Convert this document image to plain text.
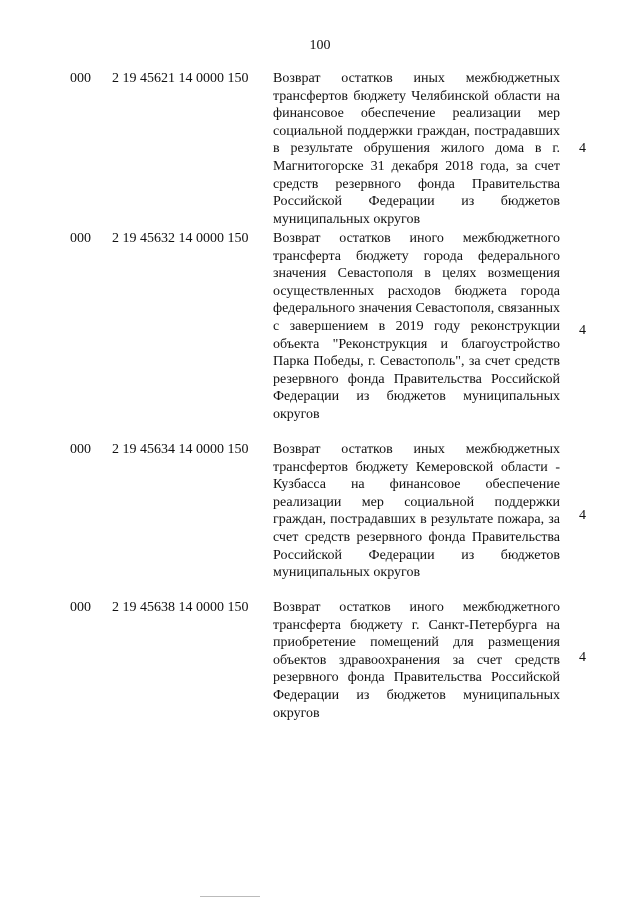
100
000 2 19 45621 14 0000 150 Возврат остатков иных межбюджетных трансфертов бюджету Челябинской области на финансовое обеспечение реализации мер социальной поддержки граждан, пострадавших в результате обрушения жилого дома в г. Магнитогорске 31 декабря 2018 года, за счет средств резервного фонда Правительства Российской Федерации из бюджетов муниципальных округов
4
000 2 19 45632 14 0000 150 Возврат остатков иного межбюджетного трансферта бюджету города федерального значения Севастополя в целях возмещения осуществленных расходов бюджета города федерального значения Севастополя, связанных с завершением в 2019 году реконструкции объекта "Реконструкция и благоустройство Парка Победы, г. Севастополь", за счет средств резервного фонда Правительства Российской Федерации из бюджетов муниципальных округов
4
000 2 19 45634 14 0000 150 Возврат остатков иных межбюджетных трансфертов бюджету Кемеровской области - Кузбасса на финансовое обеспечение реализации мер социальной поддержки граждан, пострадавших в результате пожара, за счет средств резервного фонда Правительства Российской Федерации из бюджетов муниципальных округов
4
000 2 19 45638 14 0000 150 Возврат остатков иного межбюджетного трансферта бюджету г. Санкт-Петербурга на приобретение помещений для размещения объектов здравоохранения за счет средств резервного фонда Правительства Российской Федерации из бюджетов муниципальных округов
4
